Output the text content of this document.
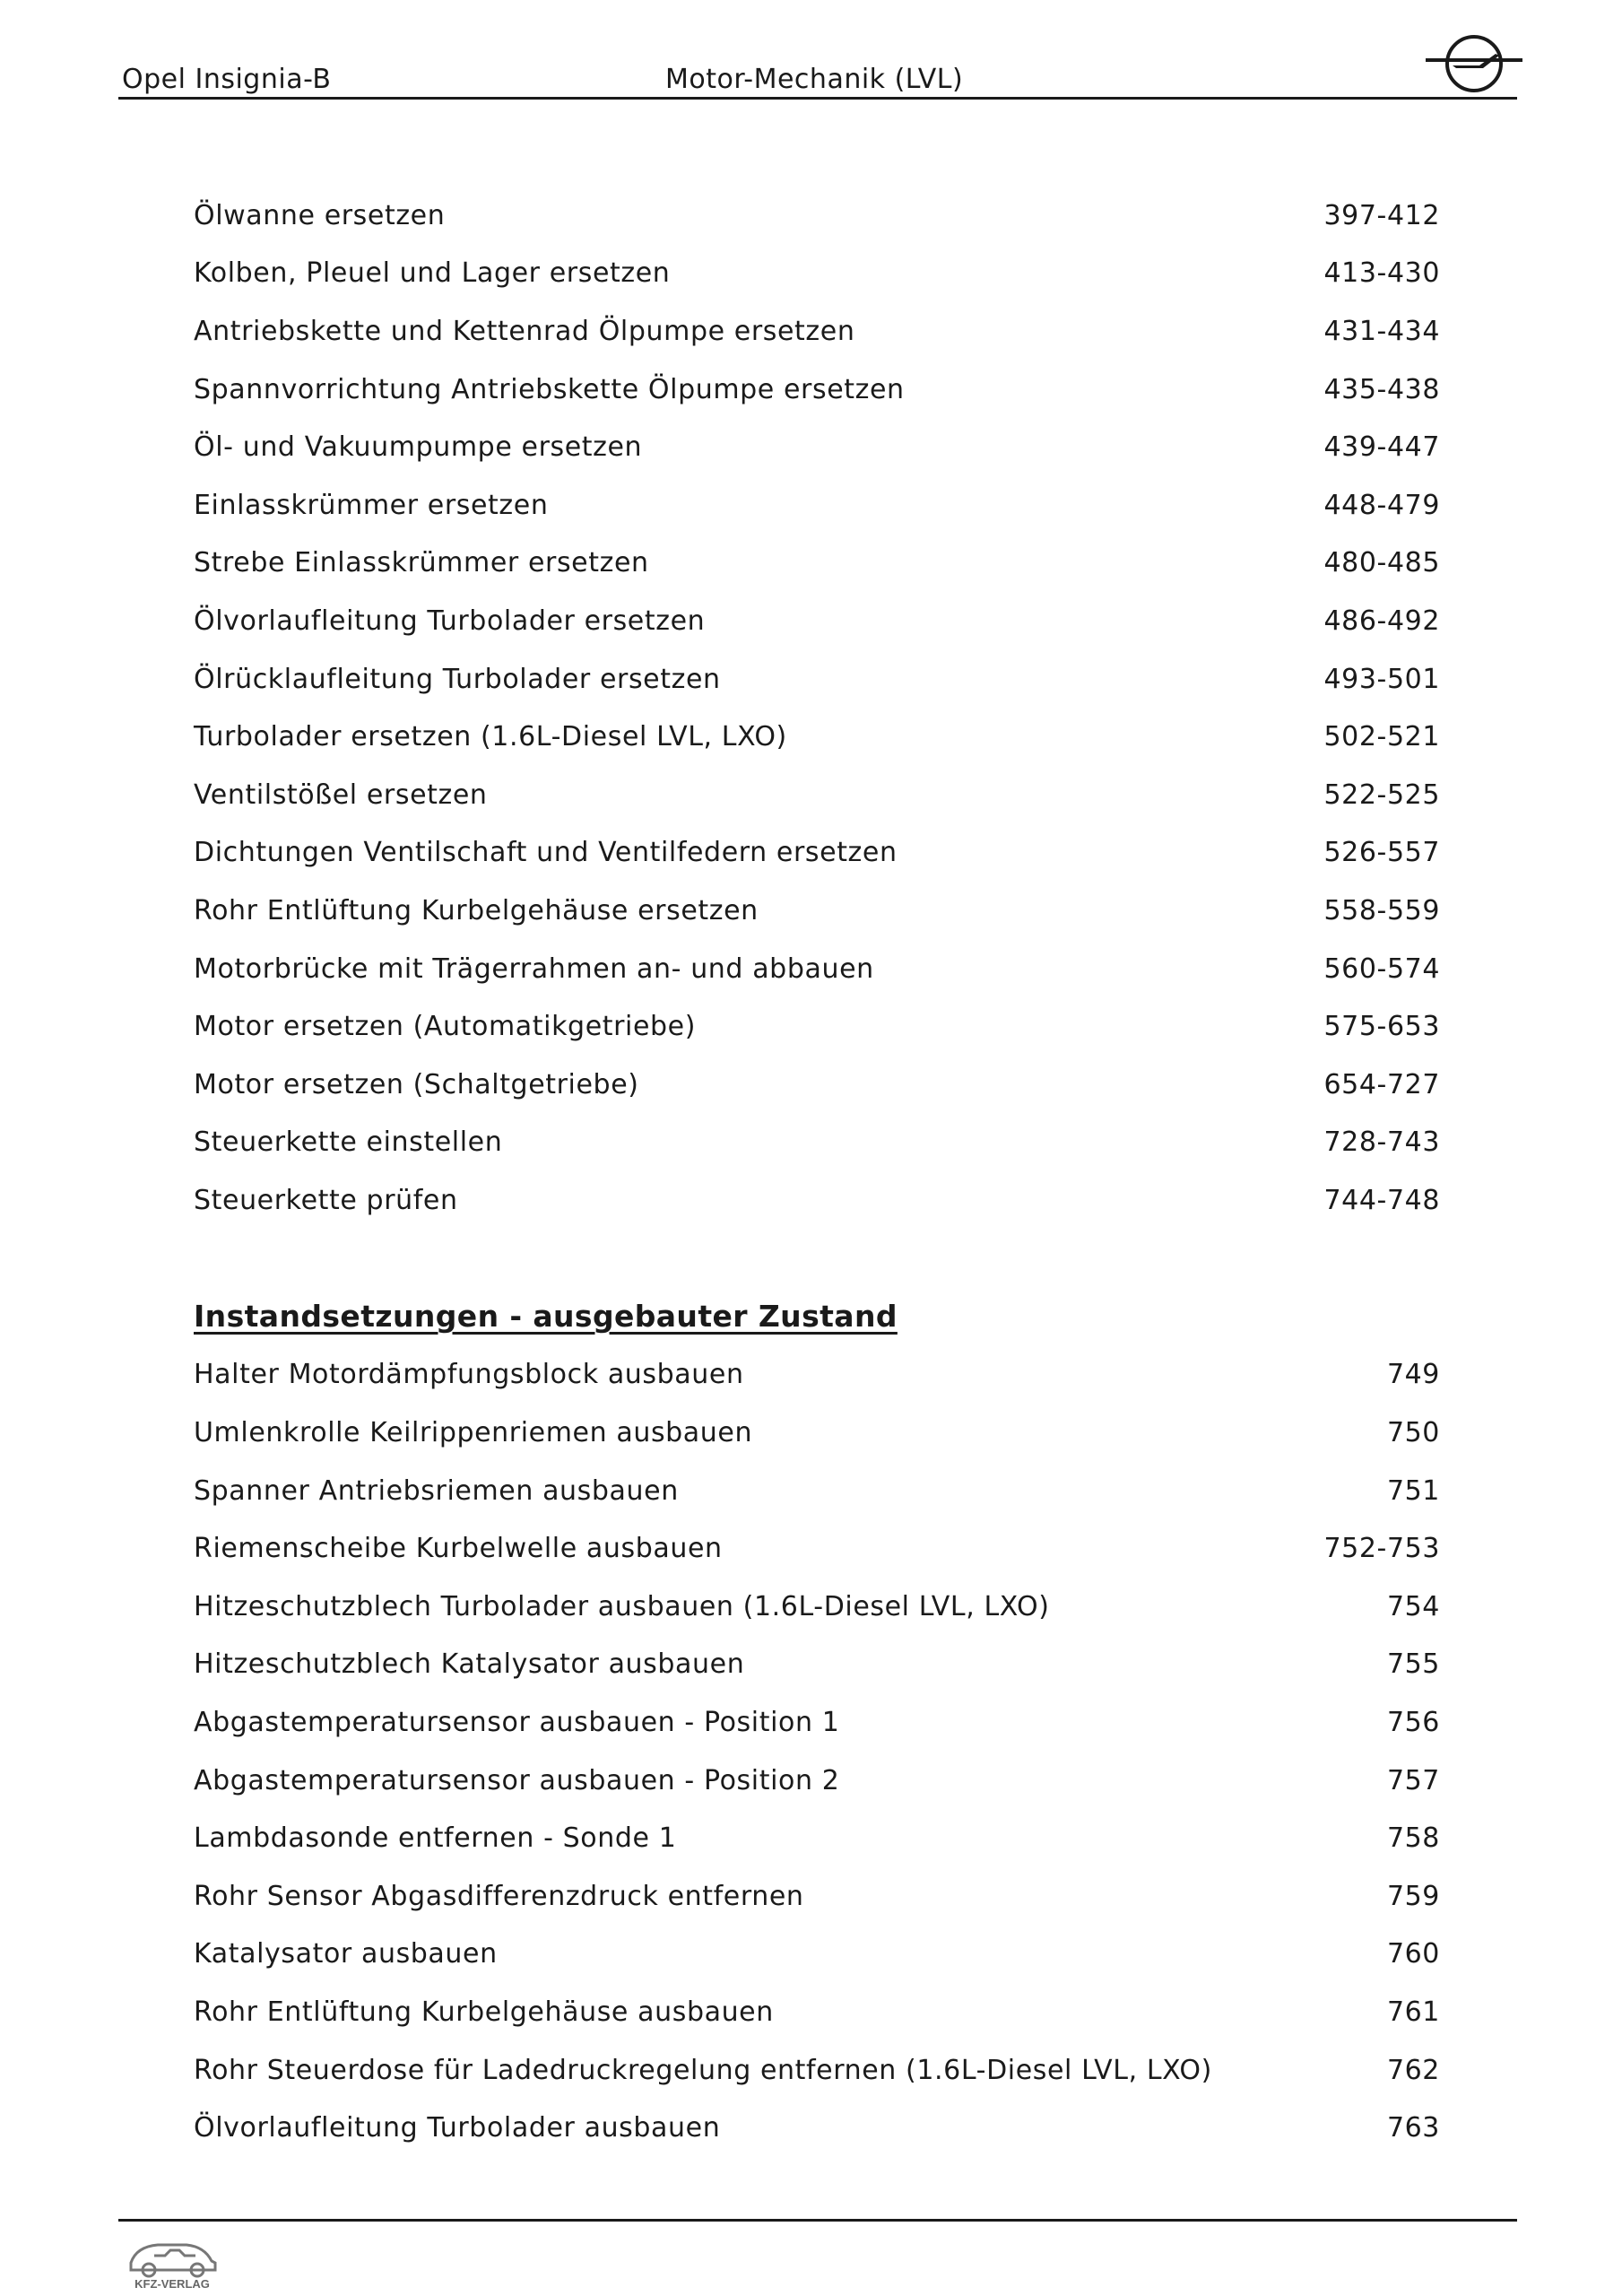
Opel Insignia-B	Motor-Mechanik (LVL)
Ölwanne ersetzen	397-412
Kolben, Pleuel und Lager ersetzen	413-430
Antriebskette und Kettenrad Ölpumpe ersetzen	431-434
Spannvorrichtung Antriebskette Ölpumpe ersetzen	435-438
Öl- und Vakuumpumpe ersetzen	439-447
Einlasskrümmer ersetzen	448-479
Strebe Einlasskrümmer ersetzen	480-485
Ölvorlaufleitung Turbolader ersetzen	486-492
Ölrücklaufleitung Turbolader ersetzen	493-501
Turbolader ersetzen (1.6L-Diesel LVL, LXO)	502-521
Ventilstößel ersetzen	522-525
Dichtungen Ventilschaft und Ventilfedern ersetzen	526-557
Rohr Entlüftung Kurbelgehäuse ersetzen	558-559
Motorbrücke mit Trägerrahmen an- und abbauen	560-574
Motor ersetzen (Automatikgetriebe)	575-653
Motor ersetzen (Schaltgetriebe)	654-727
Steuerkette einstellen	728-743
Steuerkette prüfen	744-748
Instandsetzungen - ausgebauter Zustand
Halter Motordämpfungsblock ausbauen	749
Umlenkrolle Keilrippenriemen ausbauen	750
Spanner Antriebsriemen ausbauen	751
Riemenscheibe Kurbelwelle ausbauen	752-753
Hitzeschutzblech Turbolader ausbauen (1.6L-Diesel LVL, LXO)	754
Hitzeschutzblech Katalysator ausbauen	755
Abgastemperatursensor ausbauen - Position 1	756
Abgastemperatursensor ausbauen - Position 2	757
Lambdasonde entfernen - Sonde 1	758
Rohr Sensor Abgasdifferenzdruck entfernen	759
Katalysator ausbauen	760
Rohr Entlüftung Kurbelgehäuse ausbauen	761
Rohr Steuerdose für Ladedruckregelung entfernen (1.6L-Diesel LVL, LXO)	762
Ölvorlaufleitung Turbolader ausbauen	763
KFZ-VERLAG
